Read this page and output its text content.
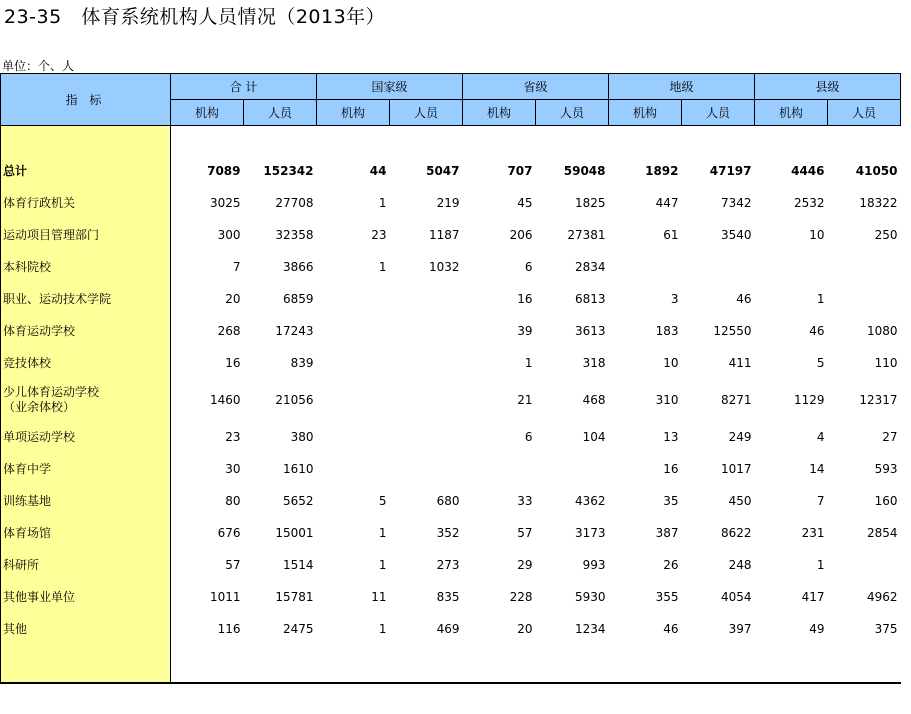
23-35   体育系统机构人员情况（2013年）
单位：个、人
指 标	合 计		国家级		省级		地级		县级	
	机构	人员	机构	人员	机构	人员	机构	人员	机构	人员

总计	7089	152342	44	5047	707	59048	1892	47197	4446	41050
体育行政机关	3025	27708	1	219	45	1825	447	7342	2532	18322
运动项目管理部门	300	32358	23	1187	206	27381	61	3540	10	250
本科院校	7	3866	1	1032	6	2834				
职业、运动技术学院	20	6859			16	6813	3	46	1	
体育运动学校	268	17243			39	3613	183	12550	46	1080
竞技体校	16	839			1	318	10	411	5	110
少儿体育运动学校
（业余体校）	1460	21056			21	468	310	8271	1129	12317
单项运动学校	23	380			6	104	13	249	4	27
体育中学	30	1610					16	1017	14	593
训练基地	80	5652	5	680	33	4362	35	450	7	160
体育场馆	676	15001	1	352	57	3173	387	8622	231	2854
科研所	57	1514	1	273	29	993	26	248	1	
其他事业单位	1011	15781	11	835	228	5930	355	4054	417	4962
其他	116	2475	1	469	20	1234	46	397	49	375
